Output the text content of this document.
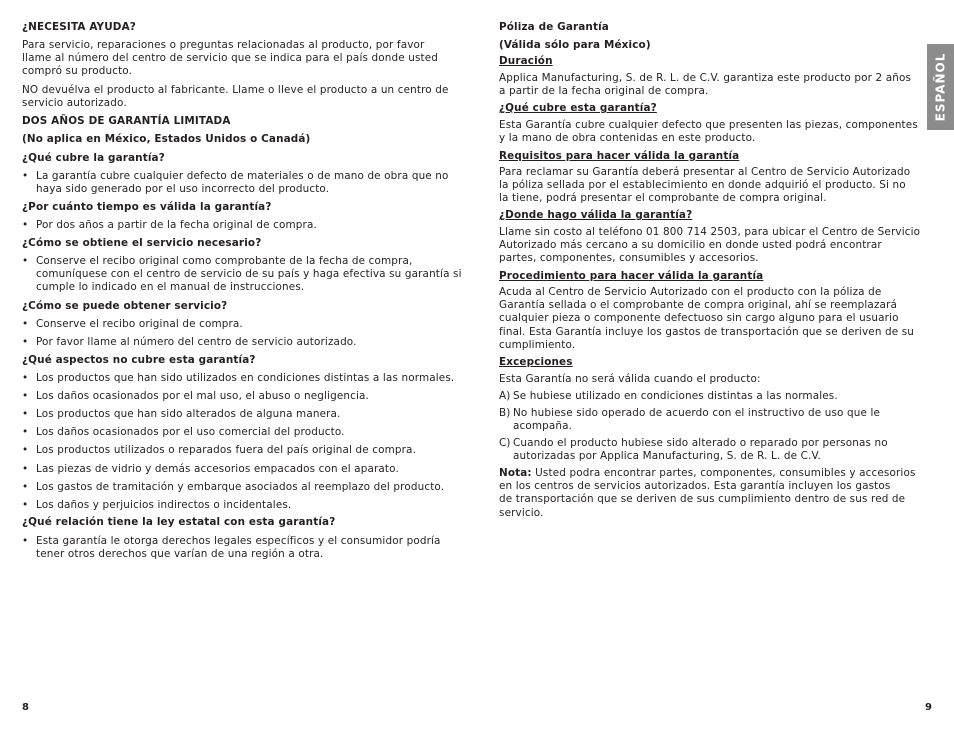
¿NECESITA AYUDA?
Para servicio, reparaciones o preguntas relacionadas al producto, por favor
llame al número del centro de servicio que se indica para el país donde usted
compró su producto.
NO devuélva el producto al fabricante. Llame o lleve el producto a un centro de
servicio autorizado.
DOS AÑOS DE GARANTÍA LIMITADA
(No aplica en México, Estados Unidos o Canadá)
¿Qué cubre la garantía?
• La garantía cubre cualquier defecto de materiales o de mano de obra que no
haya sido generado por el uso incorrecto del producto.
¿Por cuánto tiempo es válida la garantía?
• Por dos años a partir de la fecha original de compra.
¿Cómo se obtiene el servicio necesario?
• Conserve el recibo original como comprobante de la fecha de compra,
comuníquese con el centro de servicio de su país y haga efectiva su garantía si
cumple lo indicado en el manual de instrucciones.
¿Cómo se puede obtener servicio?
• Conserve el recibo original de compra.
• Por favor llame al número del centro de servicio autorizado.
¿Qué aspectos no cubre esta garantía?
• Los productos que han sido utilizados en condiciones distintas a las normales.
• Los daños ocasionados por el mal uso, el abuso o negligencia.
• Los productos que han sido alterados de alguna manera.
• Los daños ocasionados por el uso comercial del producto.
• Los productos utilizados o reparados fuera del país original de compra.
• Las piezas de vidrio y demás accesorios empacados con el aparato.
• Los gastos de tramitación y embarque asociados al reemplazo del producto.
• Los daños y perjuicios indirectos o incidentales.
¿Qué relación tiene la ley estatal con esta garantía?
• Esta garantía le otorga derechos legales específicos y el consumidor podría
tener otros derechos que varían de una región a otra.
8
Póliza de Garantía
(Válida sólo para México)
Duración
Applica Manufacturing, S. de R. L. de C.V. garantiza este producto por 2 años
a partir de la fecha original de compra.
¿Qué cubre esta garantía?
Esta Garantía cubre cualquier defecto que presenten las piezas, componentes
y la mano de obra contenidas en este producto.
Requisitos para hacer válida la garantía
Para reclamar su Garantía deberá presentar al Centro de Servicio Autorizado
la póliza sellada por el establecimiento en donde adquirió el producto. Si no
la tiene, podrá presentar el comprobante de compra original.
¿Donde hago válida la garantía?
Llame sin costo al teléfono 01 800 714 2503, para ubicar el Centro de Servicio
Autorizado más cercano a su domicilio en donde usted podrá encontrar
partes, componentes, consumibles y accesorios.
Procedimiento para hacer válida la garantía
Acuda al Centro de Servicio Autorizado con el producto con la póliza de
Garantía sellada o el comprobante de compra original, ahí se reemplazará
cualquier pieza o componente defectuoso sin cargo alguno para el usuario
final. Esta Garantía incluye los gastos de transportación que se deriven de su
cumplimiento.
Excepciones
Esta Garantía no será válida cuando el producto:
A) Se hubiese utilizado en condiciones distintas a las normales.
B) No hubiese sido operado de acuerdo con el instructivo de uso que le
acompaña.
C) Cuando el producto hubiese sido alterado o reparado por personas no
autorizadas por Applica Manufacturing, S. de R. L. de C.V.
Nota: Usted podra encontrar partes, componentes, consumibles y accesorios
en los centros de servicios autorizados. Esta garantía incluyen los gastos
de transportación que se deriven de sus cumplimiento dentro de sus red de
servicio.
ESPAÑOL
9
